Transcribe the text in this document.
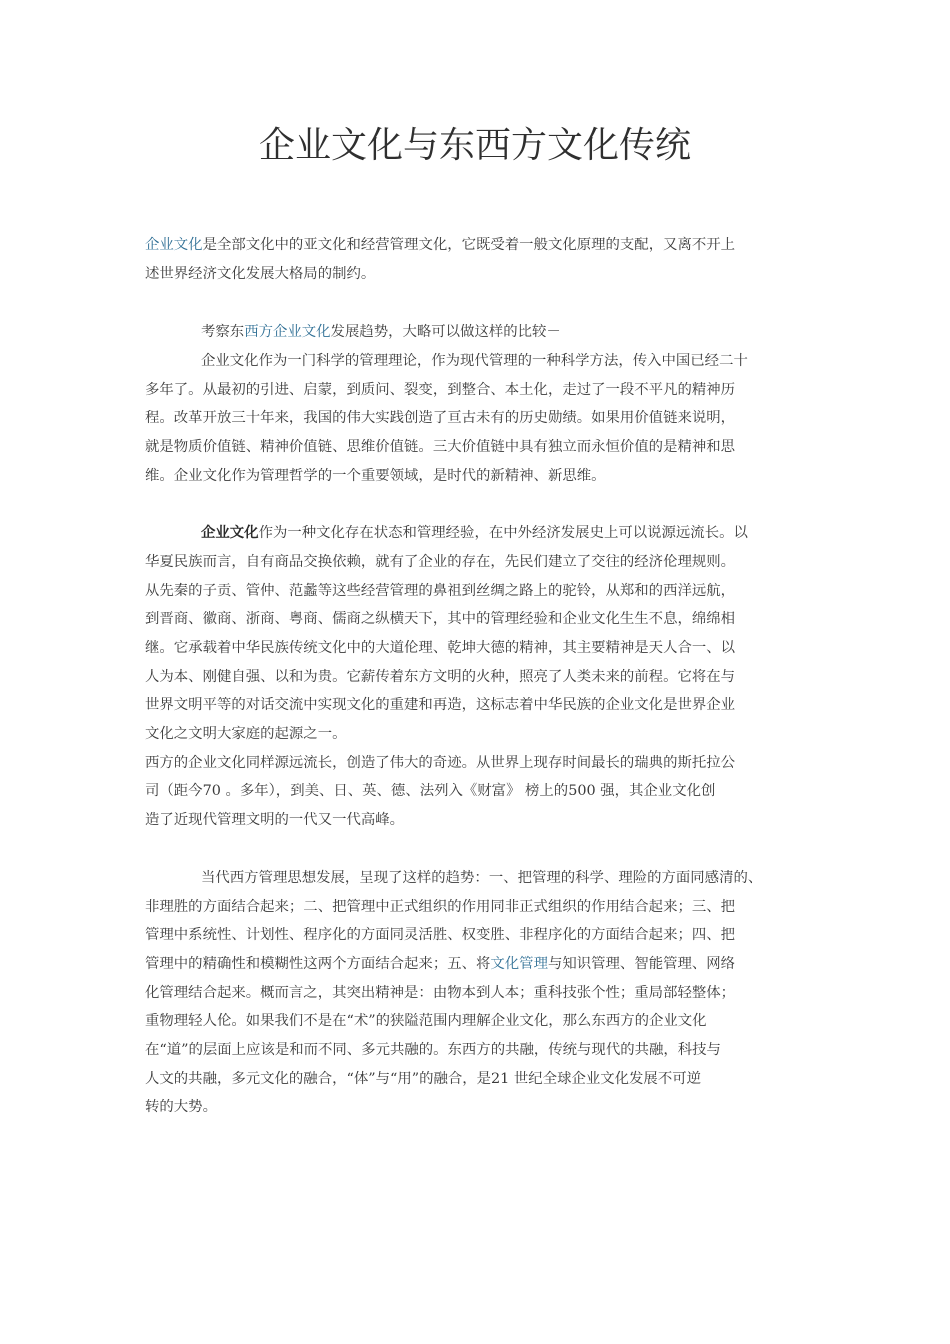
企业文化与东西方文化传统
企业文化是全部文化中的亚文化和经营管理文化，它既受着一般文化原理的支配，又离不开上
述世界经济文化发展大格局的制约。
考察东西方企业文化发展趋势，大略可以做这样的比较－
企业文化作为一门科学的管理理论，作为现代管理的一种科学方法，传入中国已经二十
多年了。从最初的引进、启蒙，到质问、裂变，到整合、本土化，走过了一段不平凡的精神历
程。改革开放三十年来，我国的伟大实践创造了亘古未有的历史勋绩。如果用价值链来说明，
就是物质价值链、精神价值链、思维价值链。三大价值链中具有独立而永恒价值的是精神和思
维。企业文化作为管理哲学的一个重要领域，是时代的新精神、新思维。
企业文化作为一种文化存在状态和管理经验，在中外经济发展史上可以说源远流长。以
华夏民族而言，自有商品交换依赖，就有了企业的存在，先民们建立了交往的经济伦理规则。
从先秦的子贡、管仲、范蠡等这些经营管理的鼻祖到丝绸之路上的驼铃，从郑和的西洋远航，
到晋商、徽商、浙商、粤商、儒商之纵横天下，其中的管理经验和企业文化生生不息，绵绵相
继。它承载着中华民族传统文化中的大道伦理、乾坤大德的精神，其主要精神是天人合一、以
人为本、刚健自强、以和为贵。它薪传着东方文明的火种，照亮了人类未来的前程。它将在与
世界文明平等的对话交流中实现文化的重建和再造，这标志着中华民族的企业文化是世界企业
文化之文明大家庭的起源之一。
西方的企业文化同样源远流长，创造了伟大的奇迹。从世界上现存时间最长的瑞典的斯托拉公
司（距今70 。多年），到美、日、英、德、法列入《财富》 榜上的500 强，其企业文化创
造了近现代管理文明的一代又一代高峰。
当代西方管理思想发展，呈现了这样的趋势：一、把管理的科学、理险的方面同感清的、
非理胜的方面结合起来；二、把管理中正式组织的作用同非正式组织的作用结合起来；三、把
管理中系统性、计划性、程序化的方面同灵活胜、权变胜、非程序化的方面结合起来；四、把
管理中的精确性和模糊性这两个方面结合起来；五、将文化管理与知识管理、智能管理、网络
化管理结合起来。概而言之，其突出精神是：由物本到人本；重科技张个性；重局部轻整体；
重物理轻人伦。如果我们不是在“术”的狭隘范围内理解企业文化，那么东西方的企业文化
在“道”的层面上应该是和而不同、多元共融的。东西方的共融，传统与现代的共融，科技与
人文的共融，多元文化的融合，“体”与“用”的融合，是21 世纪全球企业文化发展不可逆
转的大势。
